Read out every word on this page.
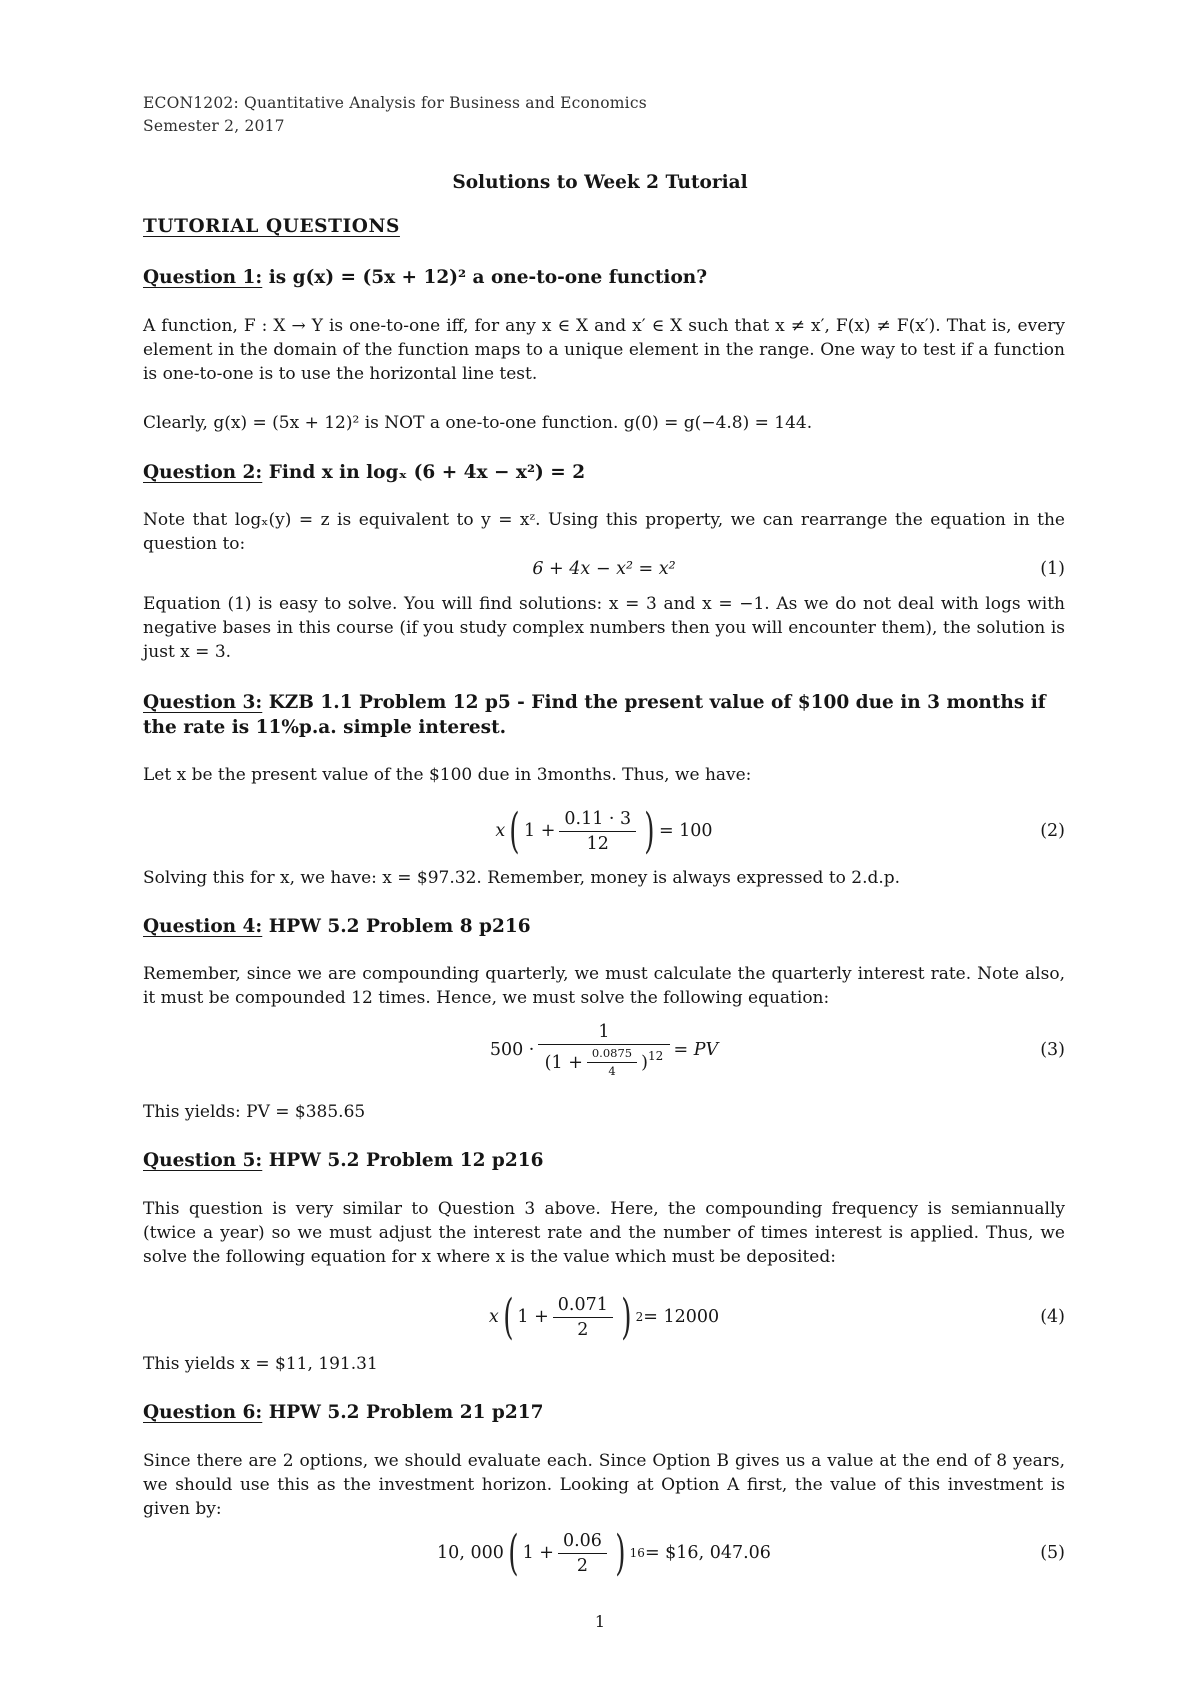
ECON1202: Quantitative Analysis for Business and Economics
Semester 2, 2017
Solutions to Week 2 Tutorial
TUTORIAL QUESTIONS
Question 1: is g(x) = (5x + 12)² a one-to-one function?
A function, F : X → Y is one-to-one iff, for any x ∈ X and x′ ∈ X such that x ≠ x′, F(x) ≠ F(x′). That is, every element in the domain of the function maps to a unique element in the range. One way to test if a function is one-to-one is to use the horizontal line test.
Clearly, g(x) = (5x + 12)² is NOT a one-to-one function. g(0) = g(−4.8) = 144.
Question 2: Find x in logₓ (6 + 4x − x²) = 2
Note that logₓ(y) = z is equivalent to y = xᶻ. Using this property, we can rearrange the equation in the question to:
6 + 4x − x² = x²	(1)
Equation (1) is easy to solve. You will find solutions: x = 3 and x = −1. As we do not deal with logs with negative bases in this course (if you study complex numbers then you will encounter them), the solution is just x = 3.
Question 3: KZB 1.1 Problem 12 p5 - Find the present value of $100 due in 3 months if the rate is 11%p.a. simple interest.
Let x be the present value of the $100 due in 3months. Thus, we have:
x ( $1 + \frac{0.11 \cdot 3}{12}$ ) = 100	(2)
Solving this for x, we have: x = $97.32. Remember, money is always expressed to 2.d.p.
Question 4: HPW 5.2 Problem 8 p216
Remember, since we are compounding quarterly, we must calculate the quarterly interest rate. Note also, it must be compounded 12 times. Hence, we must solve the following equation:
500 ·
1
($1 + \frac{0.0875}{4}$ ) 12 = PV	(3)
This yields: PV = $385.65
Question 5: HPW 5.2 Problem 12 p216
This question is very similar to Question 3 above. Here, the compounding frequency is semiannually (twice a year) so we must adjust the interest rate and the number of times interest is applied. Thus, we solve the following equation for x where x is the value which must be deposited:
x ( $1 + \frac{0.071}{2}$ ) 2 = 12000	(4)
This yields x = $11, 191.31
Question 6: HPW 5.2 Problem 21 p217
Since there are 2 options, we should evaluate each. Since Option B gives us a value at the end of 8 years, we should use this as the investment horizon. Looking at Option A first, the value of this investment is given by:
10, 000 ( $1 + \frac{0.06}{2}$ ) 16 = $16, 047.06	(5)
1
